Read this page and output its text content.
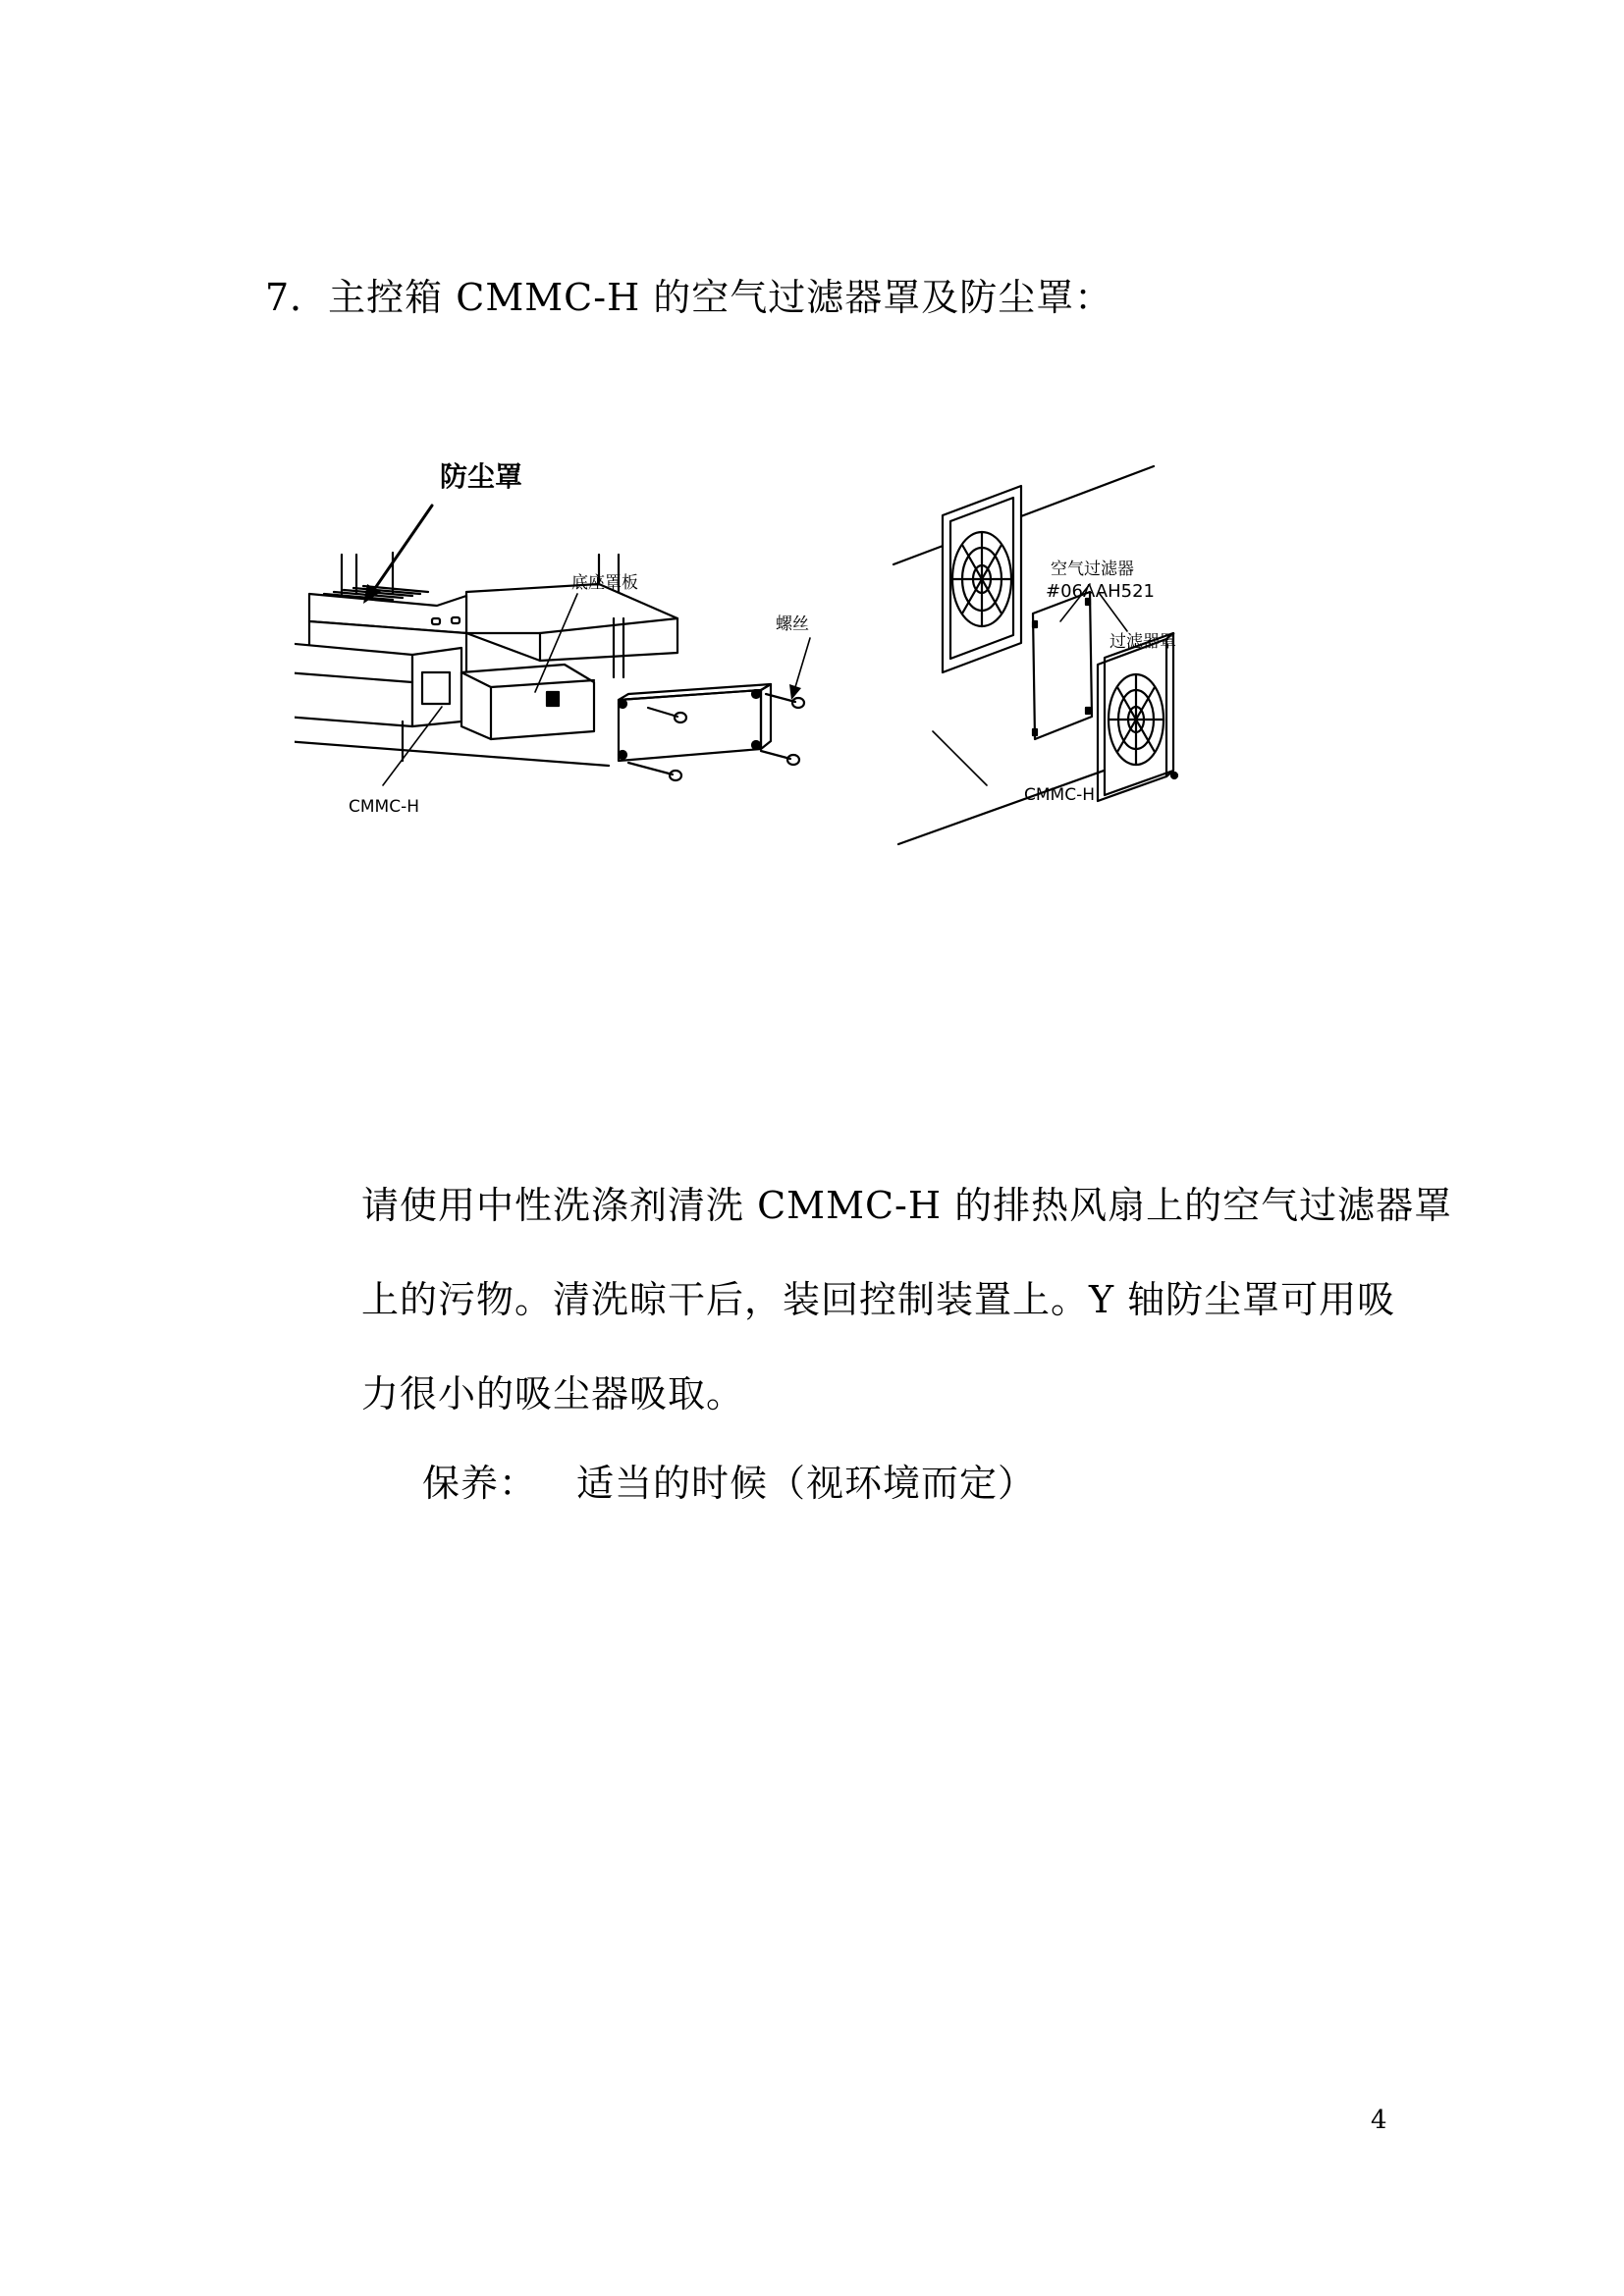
7．主控箱 CMMC-H 的空气过滤器罩及防尘罩：
防尘罩
底座罩板
螺丝
CMMC-H
空气过滤器
#06AAH521
过滤器罩
CMMC-H

请使用中性洗涤剂清洗 CMMC-H 的排热风扇上的空气过滤器罩

上的污物。清洗晾干后，装回控制装置上。Y 轴防尘罩可用吸

力很小的吸尘器吸取。

保养： 适当的时候（视环境而定）
4
